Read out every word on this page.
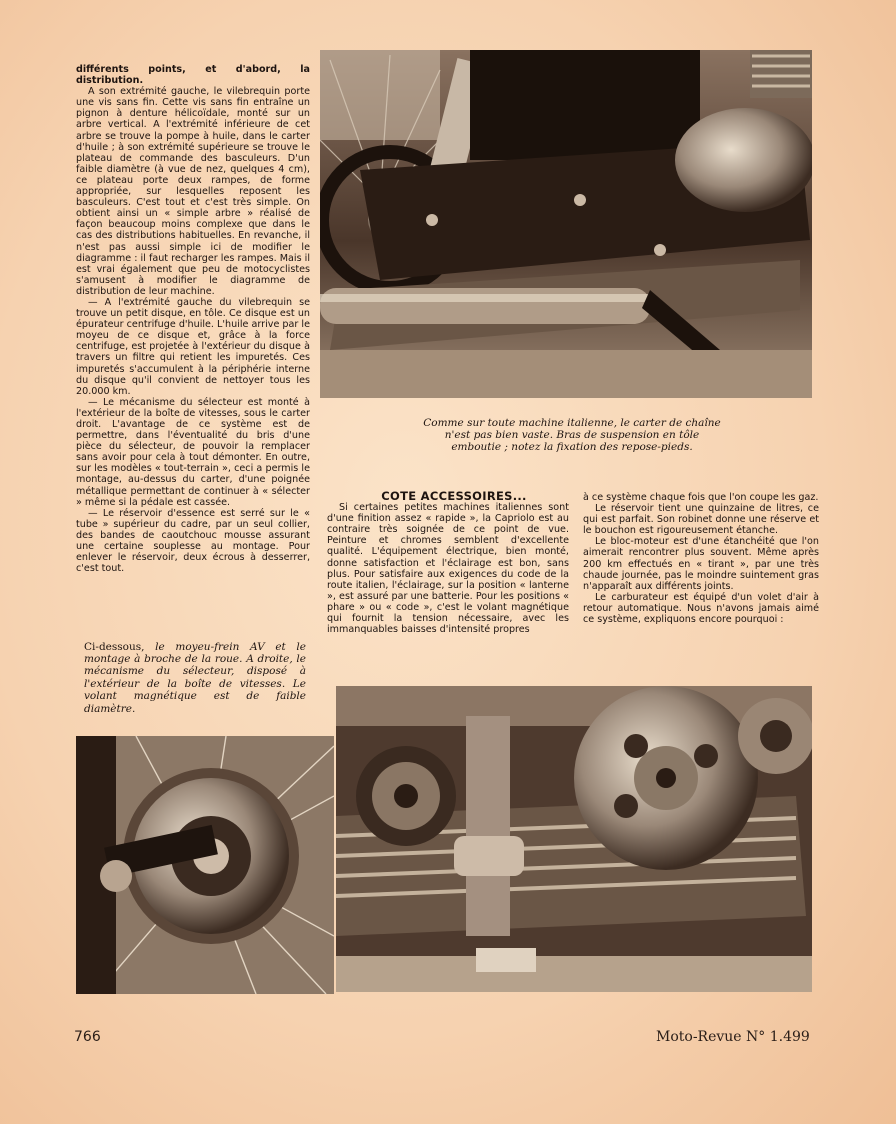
différents points, et d'abord, la distribution.

A son extrémité gauche, le vilebrequin porte une vis sans fin. Cette vis sans fin entraîne un pignon à denture hélicoïdale, monté sur un arbre vertical. A l'extrémité inférieure de cet arbre se trouve la pompe à huile, dans le carter d'huile ; à son extrémité supérieure se trouve le plateau de commande des basculeurs. D'un faible diamètre (à vue de nez, quelques 4 cm), ce plateau porte deux rampes, de forme appropriée, sur lesquelles reposent les basculeurs. C'est tout et c'est très simple. On obtient ainsi un « simple arbre » réalisé de façon beaucoup moins complexe que dans le cas des distributions habituelles. En revanche, il n'est pas aussi simple ici de modifier le diagramme : il faut recharger les rampes. Mais il est vrai également que peu de motocyclistes s'amusent à modifier le diagramme de distribution de leur machine.

— A l'extrémité gauche du vilebrequin se trouve un petit disque, en tôle. Ce disque est un épurateur centrifuge d'huile. L'huile arrive par le moyeu de ce disque et, grâce à la force centrifuge, est projetée à l'extérieur du disque à travers un filtre qui retient les impuretés. Ces impuretés s'accumulent à la périphérie interne du disque qu'il convient de nettoyer tous les 20.000 km.

— Le mécanisme du sélecteur est monté à l'extérieur de la boîte de vitesses, sous le carter droit. L'avantage de ce système est de permettre, dans l'éventualité du bris d'une pièce du sélecteur, de pouvoir la remplacer sans avoir pour cela à tout démonter. En outre, sur les modèles « tout-terrain », ceci a permis le montage, au-dessus du carter, d'une poignée métallique permettant de continuer à « sélecter » même si la pédale est cassée.

— Le réservoir d'essence est serré sur le « tube » supérieur du cadre, par un seul collier, des bandes de caoutchouc mousse assurant une certaine souplesse au montage. Pour enlever le réservoir, deux écrous à desserrer, c'est tout.

Comme sur toute machine italienne, le carter de chaîne n'est pas bien vaste. Bras de suspension en tôle emboutie ; notez la fixation des repose-pieds.

COTE ACCESSOIRES...

Si certaines petites machines italiennes sont d'une finition assez « rapide », la Capriolo est au contraire très soignée de ce point de vue. Peinture et chromes semblent d'excellente qualité. L'équipement électrique, bien monté, donne satisfaction et l'éclairage est bon, sans plus. Pour satisfaire aux exigences du code de la route italien, l'éclairage, sur la position « lanterne », est assuré par une batterie. Pour les positions « phare » ou « code », c'est le volant magnétique qui fournit la tension nécessaire, avec les immanquables baisses d'intensité propres

à ce système chaque fois que l'on coupe les gaz.

Le réservoir tient une quinzaine de litres, ce qui est parfait. Son robinet donne une réserve et le bouchon est rigoureusement étanche.

Le bloc-moteur est d'une étanchéité que l'on aimerait rencontrer plus souvent. Même après 200 km effectués en « tirant », par une très chaude journée, pas le moindre suintement gras n'apparaît aux différents joints.

Le carburateur est équipé d'un volet d'air à retour automatique. Nous n'avons jamais aimé ce système, expliquons encore pourquoi :

Ci-dessous, le moyeu-frein AV et le montage à broche de la roue. A droite, le mécanisme du sélecteur, disposé à l'extérieur de la boîte de vitesses. Le volant magnétique est de faible diamètre.

766	Moto-Revue N° 1.499
